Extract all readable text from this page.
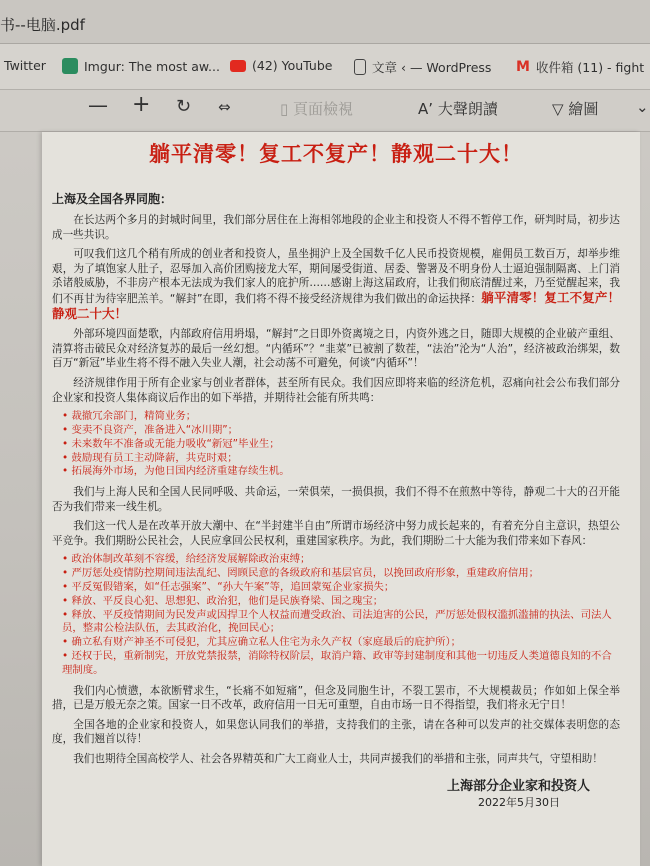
书--电脑.pdf
Twitter	Imgur: The most aw...	(42) YouTube	文章 ‹ — WordPress M 收件箱 (11) - fight
— + ↻ ⇔	▯ 頁面檢視	Aʼ 大聲朗讀	▽ 繪圖	⌄
躺平清零！复工不复产！静观二十大！
上海及全国各界同胞：

在长达两个多月的封城时间里，我们部分居住在上海相邻地段的企业主和投资人不得不暂停工作，研判时局，初步达成一些共识。

可叹我们这几个稍有所成的创业者和投资人，虽坐拥沪上及全国数千亿人民币投资规模，雇佣员工数百万，却举步维艰，为了填饱家人肚子，忍辱加入高价团购接龙大军，期间屡受街道、居委、警署及不明身份人士逼迫强制隔离、上门消杀诸般威胁，不非房产根本无法成为我们家人的庇护所……感谢上海这届政府，让我们彻底清醒过来，乃至觉醒起来，我们不再甘为待宰肥羔羊。“解封”在即，我们将不得不接受经济规律为我们做出的命运抉择：躺平清零！复工不复产！静观二十大！

外部环境四面楚歌，内部政府信用坍塌，“解封”之日即外资离境之日，内资外逃之日，随即大规模的企业破产重组、清算将击破民众对经济复苏的最后一丝幻想。“内循环”？“韭菜”已被割了数茬，“法治”沦为“人治”，经济被政治绑架，数百万“新冠”毕业生将不得不融入失业人潮，社会动荡不可避免，何谈“内循环”！

经济规律作用于所有企业家与创业者群体，甚至所有民众。我们因应即将来临的经济危机，忍痛向社会公布我们部分企业家和投资人集体商议后作出的如下举措，并期待社会能有所共鸣：

• 裁撤冗余部门，精简业务；
• 变卖不良资产，准备进入“冰川期”；
• 未来数年不准备或无能力吸收“新冠”毕业生；
• 鼓励现有员工主动降薪，共克时艰；
• 拓展海外市场，为他日国内经济重建存续生机。

我们与上海人民和全国人民同呼吸、共命运，一荣俱荣，一损俱损，我们不得不在煎熬中等待，静观二十大的召开能否为我们带来一线生机。

我们这一代人是在改革开放大潮中、在“半封建半自由”所谓市场经济中努力成长起来的，有着充分自主意识，热望公平竞争。我们期盼公民社会，人民应拿回公民权利，重建国家秩序。为此，我们期盼二十大能为我们带来如下春风：

• 政治体制改革刻不容缓，给经济发展解除政治束缚；
• 严厉惩处疫情防控期间违法乱纪、罔顾民意的各级政府和基层官员，以挽回政府形象，重建政府信用；
• 平反冤假错案，如“任志强案”、“孙大午案”等，追回蒙冤企业家损失；
• 释放、平反良心犯、思想犯、政治犯，他们是民族脊梁、国之瑰宝；
• 释放、平反疫情期间为民发声或因捍卫个人权益而遭受政治、司法迫害的公民，严厉惩处假权滥抓滥捕的执法、司法人员，整肃公检法队伍，去其政治化，挽回民心；
• 确立私有财产神圣不可侵犯，尤其应确立私人住宅为永久产权（家庭最后的庇护所）；
• 还权于民，重新制宪，开放党禁报禁，消除特权阶层，取消户籍、政审等封建制度和其他一切违反人类道德良知的不合理制度。

我们内心愤懑，本欲断臂求生，“长痛不如短痛”，但念及同胞生计，不裂工罢市，不大规模裁员；作如如上保全举措，已是万般无奈之策。国家一日不改革，政府信用一日无可重塑，自由市场一日不得指望，我们将永无宁日！

全国各地的企业家和投资人，如果您认同我们的举措，支持我们的主张，请在各种可以发声的社交媒体表明您的态度，我们翘首以待！

我们也期待全国高校学人、社会各界精英和广大工商业人士，共同声援我们的举措和主张，同声共气，守望相助！

上海部分企业家和投资人
2022年5月30日
